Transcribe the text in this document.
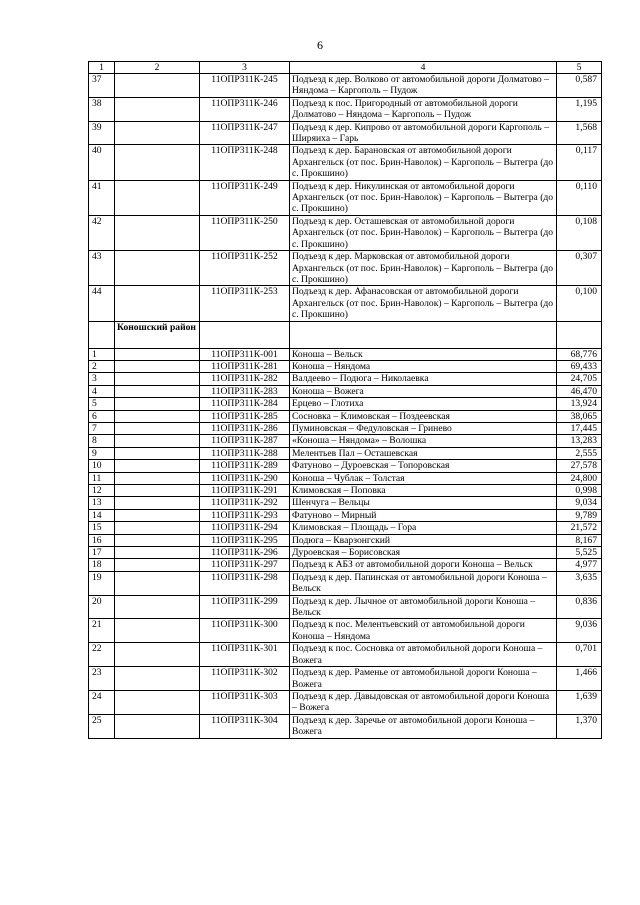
6
1	2	3	4	5
37		11ОПР311К-245	Подъезд к дер. Волково от автомобильной дороги Долматово – Няндома – Каргополь – Пудож	0,587
38		11ОПР311К-246	Подъезд к пос. Пригородный от автомобильной дороги Долматово – Няндома – Каргополь – Пудож	1,195
39		11ОПР311К-247	Подъезд к дер. Кипрово от автомобильной дороги Каргополь – Ширяиха – Гарь	1,568
40		11ОПР311К-248	Подъезд к дер. Барановская от автомобильной дороги Архангельск (от пос. Брин-Наволок) – Каргополь – Вытегра (до с. Прокшино)	0,117
41		11ОПР311К-249	Подъезд к дер. Никулинская от автомобильной дороги Архангельск (от пос. Брин-Наволок) – Каргополь – Вытегра (до с. Прокшино)	0,110
42		11ОПР311К-250	Подъезд к дер. Осташевская от автомобильной дороги Архангельск (от пос. Брин-Наволок) – Каргополь – Вытегра (до с. Прокшино)	0,108
43		11ОПР311К-252	Подъезд к дер. Марковская от автомобильной дороги Архангельск (от пос. Брин-Наволок) – Каргополь – Вытегра (до с. Прокшино)	0,307
44		11ОПР311К-253	Подъезд к дер. Афанасовская от автомобильной дороги Архангельск (от пос. Брин-Наволок) – Каргополь – Вытегра (до с. Прокшино)	0,100
	Коношский район			
1		11ОПР311К-001	Коноша – Вельск	68,776
2		11ОПР311К-281	Коноша – Няндома	69,433
3		11ОПР311К-282	Валдеево – Подюга – Николаевка	24,705
4		11ОПР311К-283	Коноша – Вожега	46,470
5		11ОПР311К-284	Ерцево – Глотиха	13,924
6		11ОПР311К-285	Сосновка – Климовская – Поздеевская	38,065
7		11ОПР311К-286	Пуминовская – Федуловская – Гринево	17,445
8		11ОПР311К-287	«Коноша – Няндома» – Волошка	13,283
9		11ОПР311К-288	Мелентьев Пал – Осташевская	2,555
10		11ОПР311К-289	Фатуново – Дуроевская – Топоровская	27,578
11		11ОПР311К-290	Коноша – Чублак – Толстая	24,800
12		11ОПР311К-291	Климовская – Поповка	0,998
13		11ОПР311К-292	Шенчуга – Вельцы	9,034
14		11ОПР311К-293	Фатуново – Мирный	9,789
15		11ОПР311К-294	Климовская – Площадь – Гора	21,572
16		11ОПР311К-295	Подюга – Кварзонгский	8,167
17		11ОПР311К-296	Дуроевская – Борисовская	5,525
18		11ОПР311К-297	Подъезд к АБЗ от автомобильной дороги Коноша – Вельск	4,977
19		11ОПР311К-298	Подъезд к дер. Папинская от автомобильной дороги Коноша – Вельск	3,635
20		11ОПР311К-299	Подъезд к дер. Лычное от автомобильной дороги Коноша – Вельск	0,836
21		11ОПР311К-300	Подъезд к пос. Мелентьевский от автомобильной дороги Коноша – Няндома	9,036
22		11ОПР311К-301	Подъезд к пос. Сосновка от автомобильной дороги Коноша – Вожега	0,701
23		11ОПР311К-302	Подъезд к дер. Раменье от автомобильной дороги Коноша – Вожега	1,466
24		11ОПР311К-303	Подъезд к дер. Давыдовская от автомобильной дороги Коноша – Вожега	1,639
25		11ОПР311К-304	Подъезд к дер. Заречье от автомобильной дороги Коноша – Вожега	1,370
